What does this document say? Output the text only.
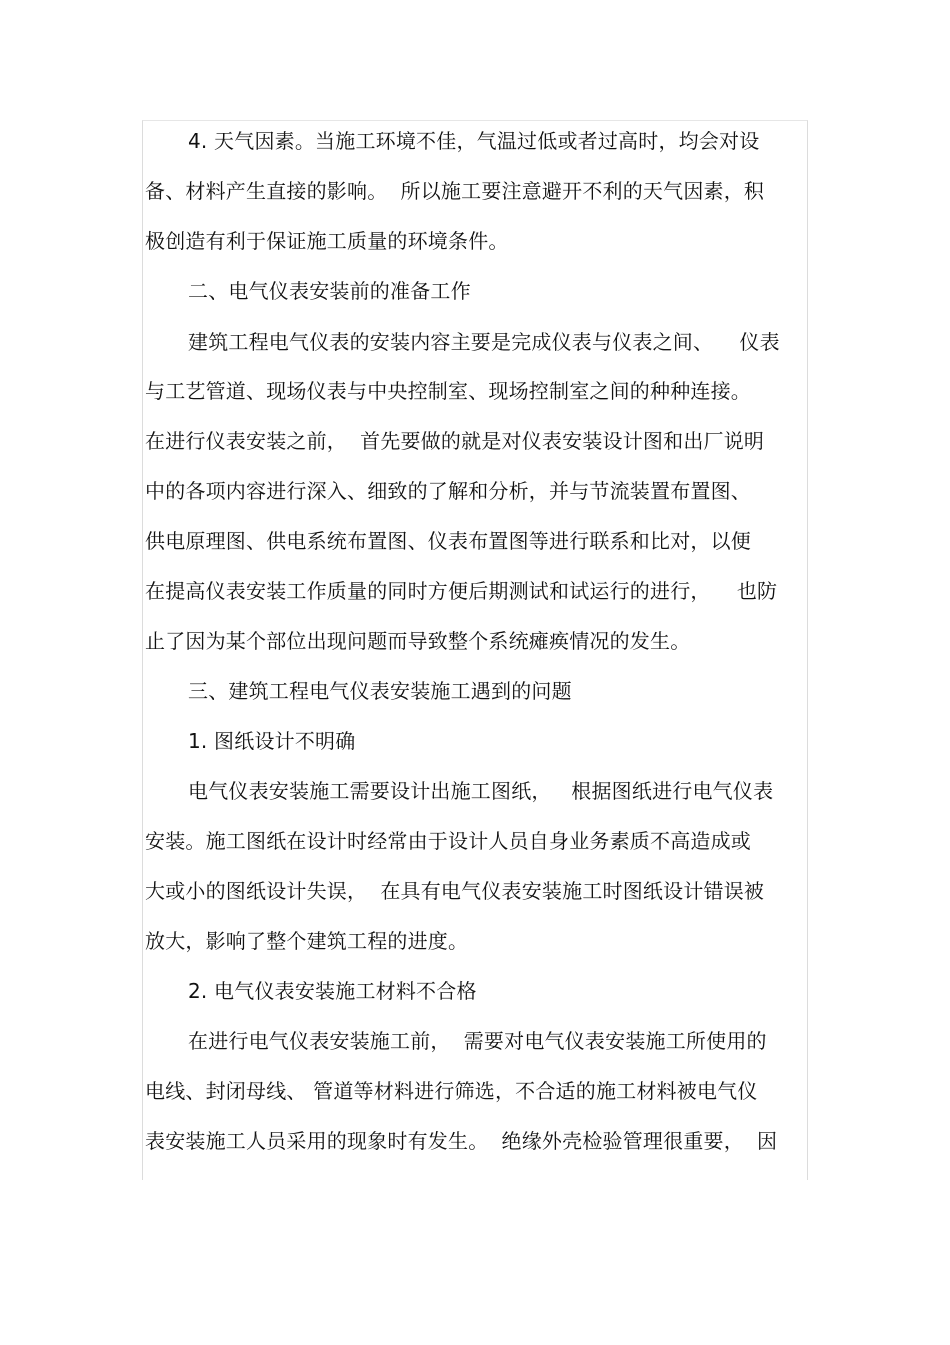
4. 天气因素。当施工环境不佳，气温过低或者过高时，均会对设
备、材料产生直接的影响。  所以施工要注意避开不利的天气因素，积
极创造有利于保证施工质量的环境条件。
二、电气仪表安装前的准备工作
建筑工程电气仪表的安装内容主要是完成仪表与仪表之间、    仪表
与工艺管道、现场仪表与中央控制室、现场控制室之间的种种连接。
在进行仪表安装之前，  首先要做的就是对仪表安装设计图和出厂说明
中的各项内容进行深入、细致的了解和分析，并与节流装置布置图、
供电原理图、供电系统布置图、仪表布置图等进行联系和比对，以便
在提高仪表安装工作质量的同时方便后期测试和试运行的进行，    也防
止了因为某个部位出现问题而导致整个系统瘫痪情况的发生。
三、建筑工程电气仪表安装施工遇到的问题
1. 图纸设计不明确
电气仪表安装施工需要设计出施工图纸，   根据图纸进行电气仪表
安装。施工图纸在设计时经常由于设计人员自身业务素质不高造成或
大或小的图纸设计失误，  在具有电气仪表安装施工时图纸设计错误被
放大，影响了整个建筑工程的进度。
2. 电气仪表安装施工材料不合格
在进行电气仪表安装施工前，  需要对电气仪表安装施工所使用的
电线、封闭母线、 管道等材料进行筛选，不合适的施工材料被电气仪
表安装施工人员采用的现象时有发生。  绝缘外壳检验管理很重要，  因
